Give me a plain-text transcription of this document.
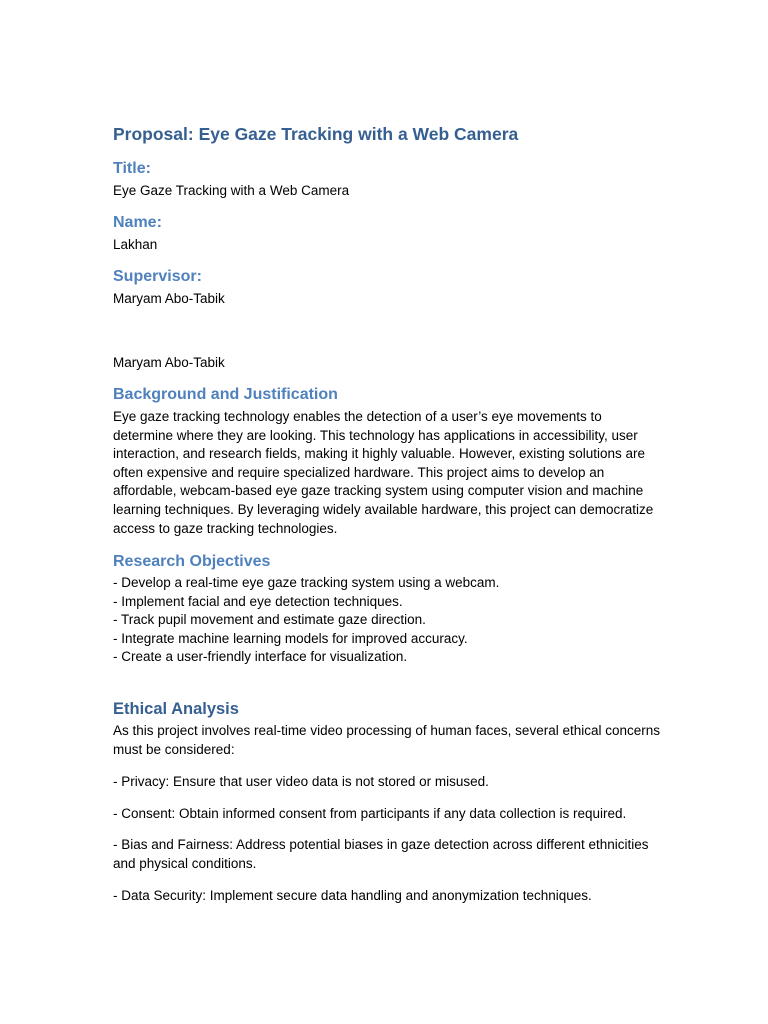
Proposal: Eye Gaze Tracking with a Web Camera
Title:

Eye Gaze Tracking with a Web Camera

Name:

Lakhan

Supervisor:

Maryam Abo-Tabik

Maryam Abo-Tabik

Background and Justification

Eye gaze tracking technology enables the detection of a user’s eye movements to determine where they are looking. This technology has applications in accessibility, user interaction, and research fields, making it highly valuable. However, existing solutions are often expensive and require specialized hardware. This project aims to develop an affordable, webcam-based eye gaze tracking system using computer vision and machine learning techniques. By leveraging widely available hardware, this project can democratize access to gaze tracking technologies.

Research Objectives
- Develop a real-time eye gaze tracking system using a webcam.
- Implement facial and eye detection techniques.
- Track pupil movement and estimate gaze direction.
- Integrate machine learning models for improved accuracy.
- Create a user-friendly interface for visualization.
Ethical Analysis

As this project involves real-time video processing of human faces, several ethical concerns must be considered:

- Privacy: Ensure that user video data is not stored or misused.

- Consent: Obtain informed consent from participants if any data collection is required.

- Bias and Fairness: Address potential biases in gaze detection across different ethnicities and physical conditions.

- Data Security: Implement secure data handling and anonymization techniques.
